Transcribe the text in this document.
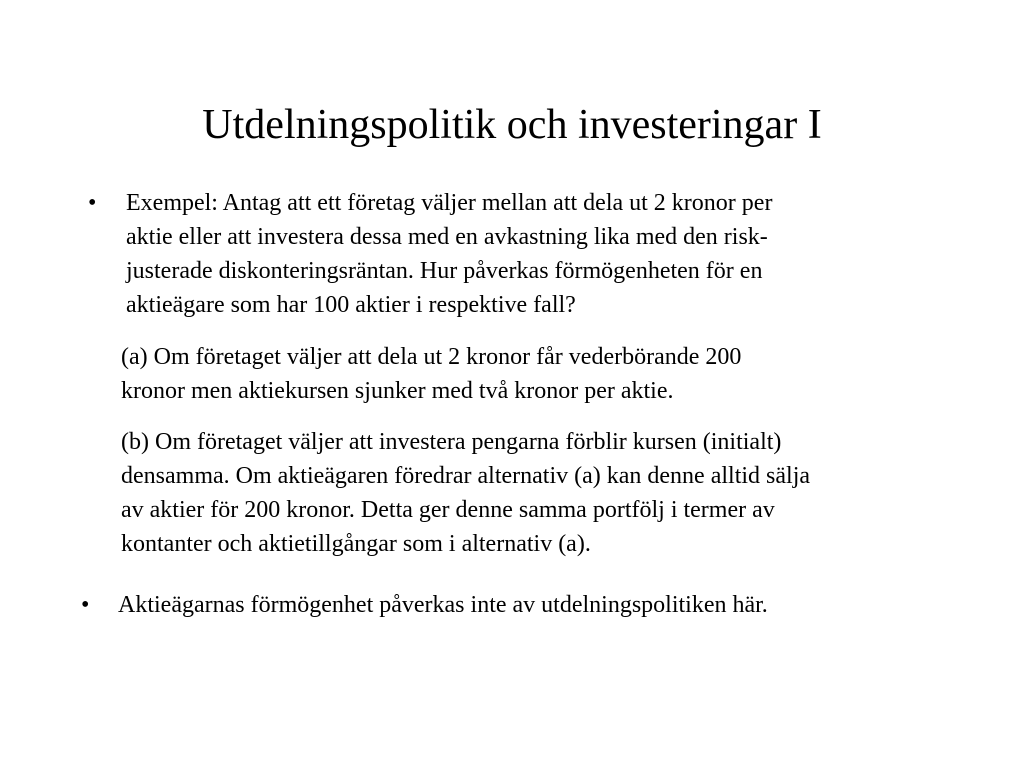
Utdelningspolitik och investeringar I
• Exempel: Antag att ett företag väljer mellan att dela ut 2 kronor per
aktie eller att investera dessa med en avkastning lika med den risk-
justerade diskonteringsräntan. Hur påverkas förmögenheten för en
aktieägare som har 100 aktier i respektive fall?
(a) Om företaget väljer att dela ut 2 kronor får vederbörande 200
kronor men aktiekursen sjunker med två kronor per aktie.
(b) Om företaget väljer att investera pengarna förblir kursen (initialt)
densamma. Om aktieägaren föredrar alternativ (a) kan denne alltid sälja
av aktier för 200 kronor. Detta ger denne samma portfölj i termer av
kontanter och aktietillgångar som i alternativ (a).
• Aktieägarnas förmögenhet påverkas inte av utdelningspolitiken här.
